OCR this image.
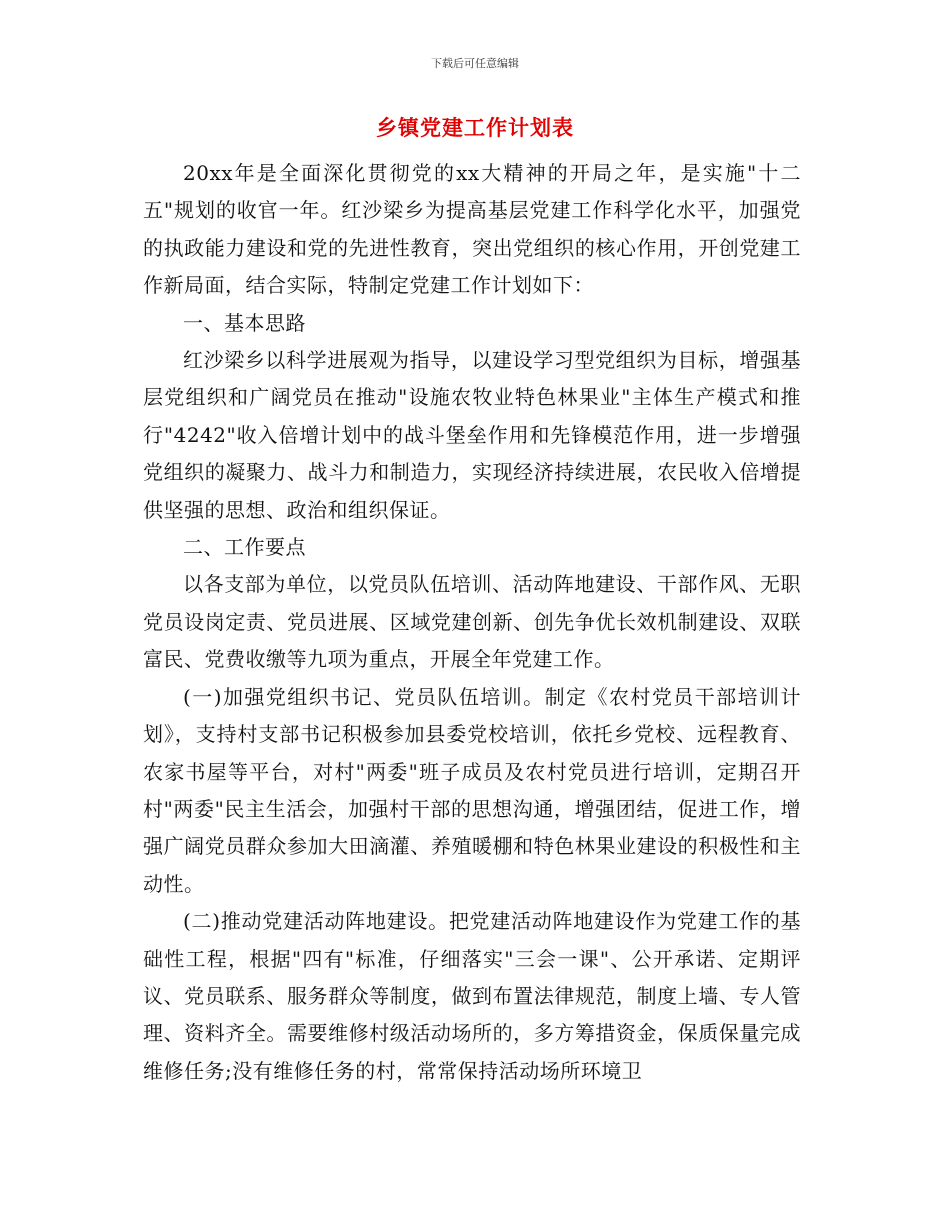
下载后可任意编辑
乡镇党建工作计划表

20xx年是全面深化贯彻党的xx大精神的开局之年，是实施"十二五"规划的收官一年。红沙梁乡为提高基层党建工作科学化水平，加强党的执政能力建设和党的先进性教育，突出党组织的核心作用，开创党建工作新局面，结合实际，特制定党建工作计划如下：

一、基本思路

红沙梁乡以科学进展观为指导，以建设学习型党组织为目标，增强基层党组织和广阔党员在推动"设施农牧业特色林果业"主体生产模式和推行"4242"收入倍增计划中的战斗堡垒作用和先锋模范作用，进一步增强党组织的凝聚力、战斗力和制造力，实现经济持续进展，农民收入倍增提供坚强的思想、政治和组织保证。

二、工作要点

以各支部为单位，以党员队伍培训、活动阵地建设、干部作风、无职党员设岗定责、党员进展、区域党建创新、创先争优长效机制建设、双联富民、党费收缴等九项为重点，开展全年党建工作。

(一)加强党组织书记、党员队伍培训。制定《农村党员干部培训计划》，支持村支部书记积极参加县委党校培训，依托乡党校、远程教育、农家书屋等平台，对村"两委"班子成员及农村党员进行培训，定期召开村"两委"民主生活会，加强村干部的思想沟通，增强团结，促进工作，增强广阔党员群众参加大田滴灌、养殖暖棚和特色林果业建设的积极性和主动性。

(二)推动党建活动阵地建设。把党建活动阵地建设作为党建工作的基础性工程，根据"四有"标准，仔细落实"三会一课"、公开承诺、定期评议、党员联系、服务群众等制度，做到布置法律规范，制度上墙、专人管理、资料齐全。需要维修村级活动场所的，多方筹措资金，保质保量完成维修任务;没有维修任务的村，常常保持活动场所环境卫
